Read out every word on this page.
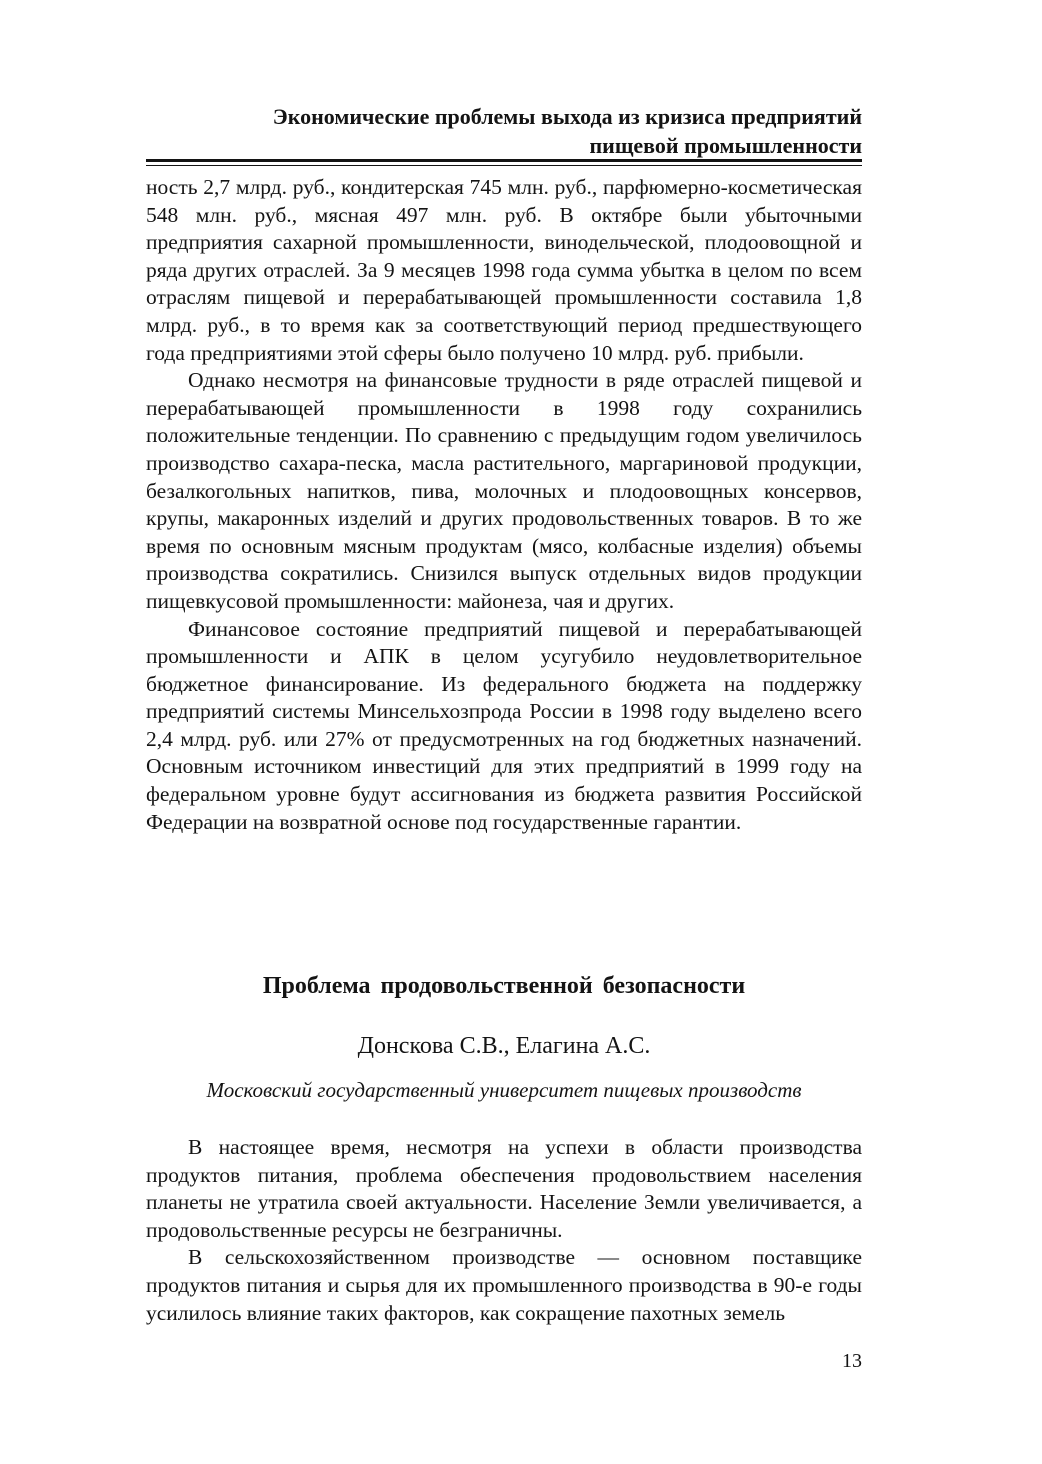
Экономические проблемы выхода из кризиса предприятий
пищевой промышленности

ность 2,7 млрд. руб., кондитерская 745 млн. руб., парфюмерно-косметическая 548 млн. руб., мясная 497 млн. руб. В октябре были убыточными предприятия сахарной промышленности, винодельческой, плодоовощной и ряда других отраслей. За 9 месяцев 1998 года сумма убытка в целом по всем отраслям пищевой и перерабатывающей промышленности составила 1,8 млрд. руб., в то время как за соответствующий период предшествующего года предприятиями этой сферы было получено 10 млрд. руб. прибыли.

Однако несмотря на финансовые трудности в ряде отраслей пищевой и перерабатывающей промышленности в 1998 году сохранились положительные тенденции. По сравнению с предыдущим годом увеличилось производство сахара-песка, масла растительного, маргариновой продукции, безалкогольных напитков, пива, молочных и плодоовощных консервов, крупы, макаронных изделий и других продовольственных товаров. В то же время по основным мясным продуктам (мясо, колбасные изделия) объемы производства сократились. Снизился выпуск отдельных видов продукции пищевкусовой промышленности: майонеза, чая и других.

Финансовое состояние предприятий пищевой и перерабатывающей промышленности и АПК в целом усугубило неудовлетворительное бюджетное финансирование. Из федерального бюджета на поддержку предприятий системы Минсельхозпрода России в 1998 году выделено всего 2,4 млрд. руб. или 27% от предусмотренных на год бюджетных назначений. Основным источником инвестиций для этих предприятий в 1999 году на федеральном уровне будут ассигнования из бюджета развития Российской Федерации на возвратной основе под государственные гарантии.

Проблема продовольственной безопасности
Донскова С.В., Елагина А.С.
Московский государственный университет пищевых производств

В настоящее время, несмотря на успехи в области производства продуктов питания, проблема обеспечения продовольствием населения планеты не утратила своей актуальности. Население Земли увеличивается, а продовольственные ресурсы не безграничны.

В сельскохозяйственном производстве — основном поставщике продуктов питания и сырья для их промышленного производства в 90-е годы усилилось влияние таких факторов, как сокращение пахотных земель

13
